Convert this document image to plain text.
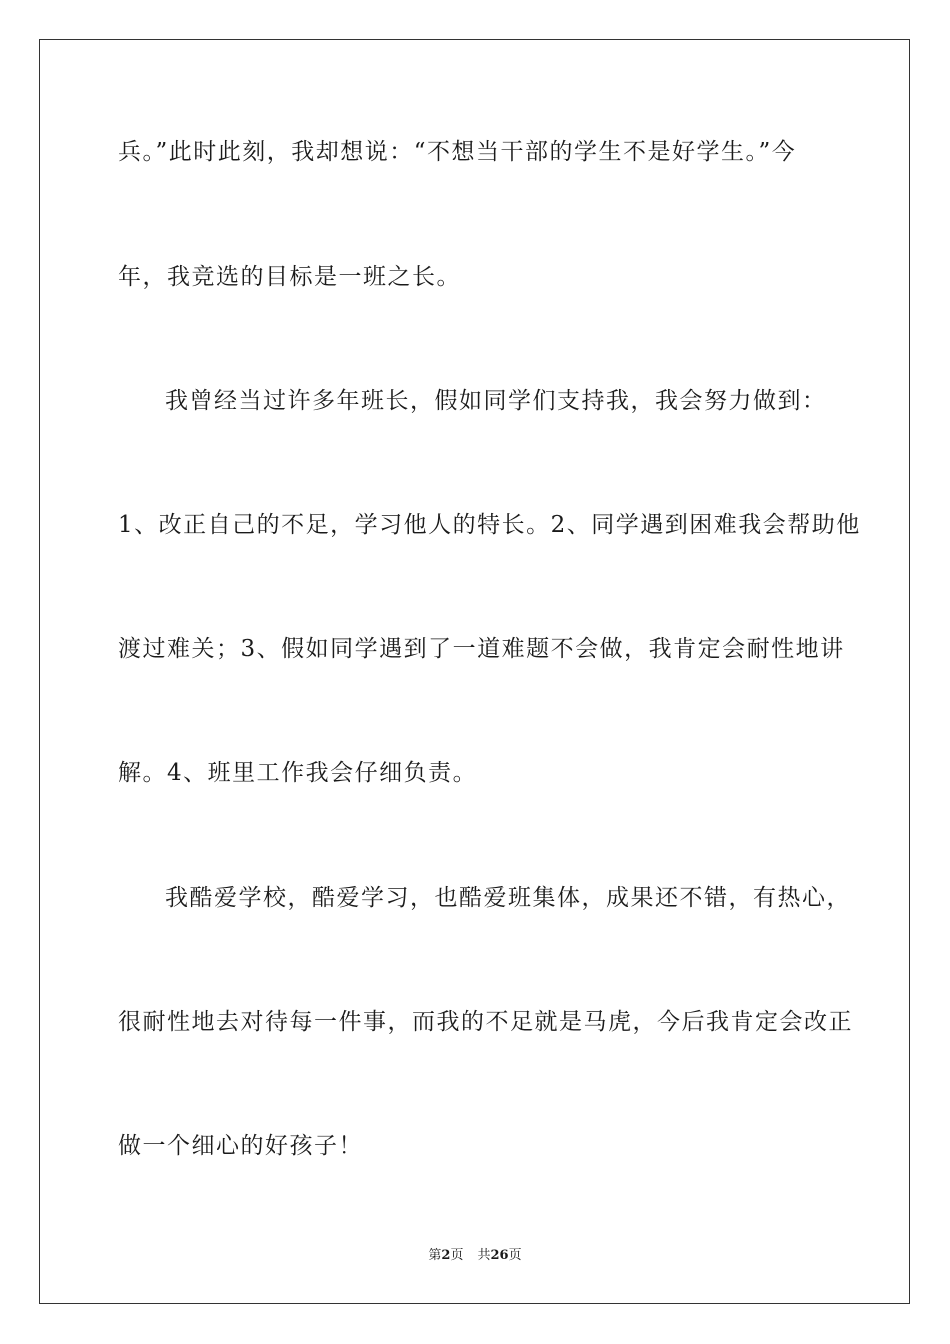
兵。”此时此刻，我却想说：“不想当干部的学生不是好学生。”今
年，我竞选的目标是一班之长。
我曾经当过许多年班长，假如同学们支持我，我会努力做到：
1、改正自己的不足，学习他人的特长。2、同学遇到困难我会帮助他
渡过难关；3、假如同学遇到了一道难题不会做，我肯定会耐性地讲
解。4、班里工作我会仔细负责。
我酷爱学校，酷爱学习，也酷爱班集体，成果还不错，有热心，
很耐性地去对待每一件事，而我的不足就是马虎，今后我肯定会改正
做一个细心的好孩子！
第2页 共26页
